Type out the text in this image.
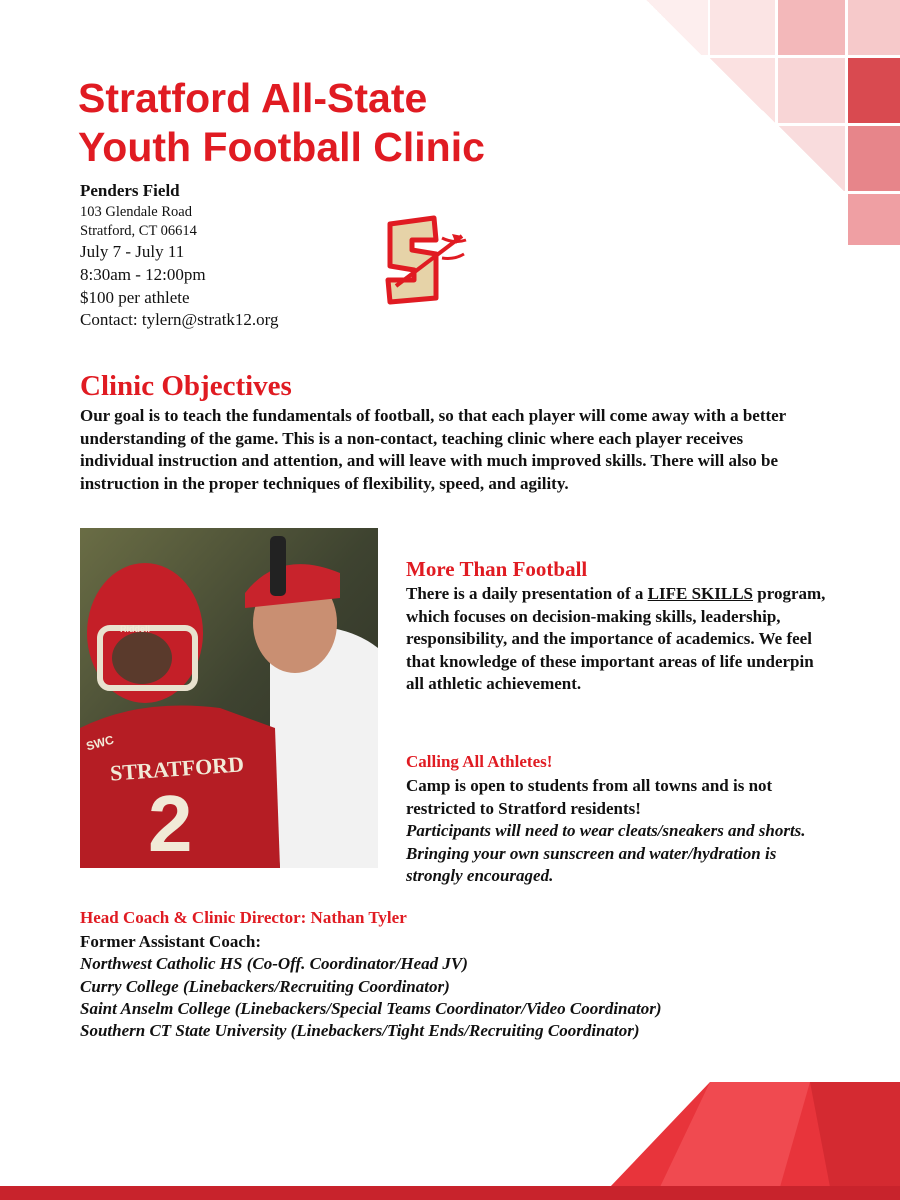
Stratford All-State
Youth Football Clinic
Penders Field
103 Glendale Road
Stratford, CT 06614
July 7 - July 11
8:30am - 12:00pm
$100 per athlete
Contact: tylern@stratk12.org
Clinic Objectives
Our goal is to teach the fundamentals of football, so that each player will come away with a better understanding of the game. This is a non-contact, teaching clinic where each player receives individual instruction and attention, and will leave with much improved skills. There will also be instruction in the proper techniques of flexibility, speed, and agility.
STRATFORD
2
SWC
Riddell
More Than Football
There is a daily presentation of a LIFE SKILLS program, which focuses on decision-making skills, leadership, responsibility, and the importance of academics. We feel that knowledge of these important areas of life underpin all athletic achievement.
Calling All Athletes!
Camp is open to students from all towns and is not restricted to Stratford residents!
Participants will need to wear cleats/sneakers and shorts. Bringing your own sunscreen and water/hydration is strongly encouraged.
Head Coach & Clinic Director: Nathan Tyler
Former Assistant Coach:
Northwest Catholic HS (Co-Off. Coordinator/Head JV)
Curry College (Linebackers/Recruiting Coordinator)
Saint Anselm College (Linebackers/Special Teams Coordinator/Video Coordinator)
Southern CT State University (Linebackers/Tight Ends/Recruiting Coordinator)
